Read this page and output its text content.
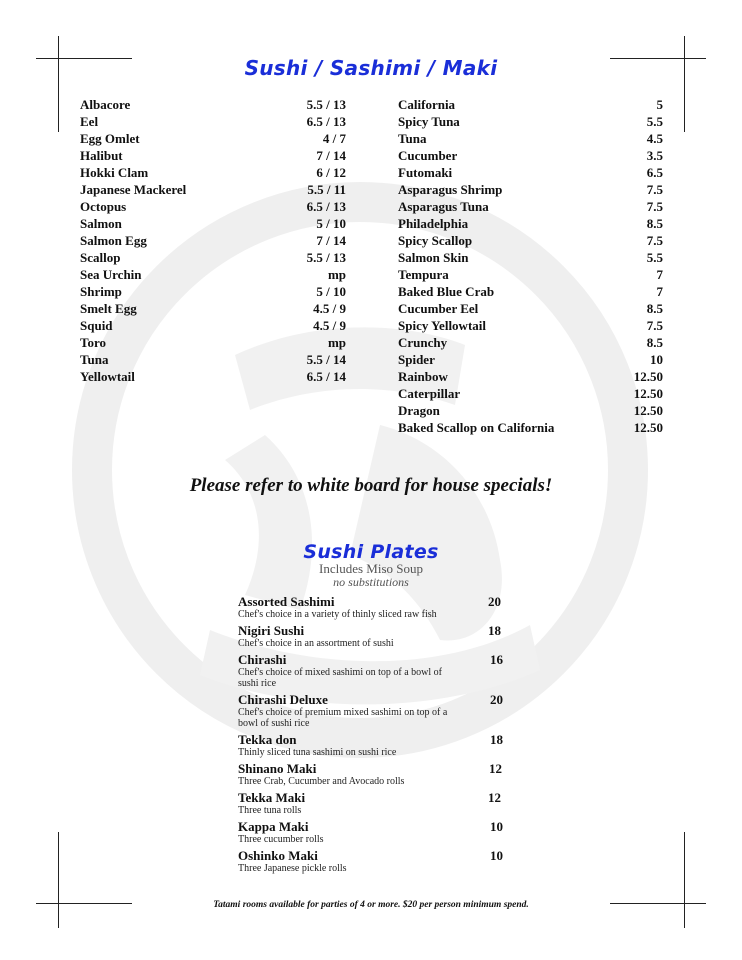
Sushi / Sashimi / Maki
Albacore	5.5 / 13
Eel	6.5 / 13
Egg Omlet	4 / 7
Halibut	7 / 14
Hokki Clam	6 / 12
Japanese Mackerel	5.5 / 11
Octopus	6.5 / 13
Salmon	5 / 10
Salmon Egg	7 / 14
Scallop	5.5 / 13
Sea Urchin	mp
Shrimp	5 / 10
Smelt Egg	4.5 / 9
Squid	4.5 / 9
Toro	mp
Tuna	5.5 / 14
Yellowtail	6.5 / 14
California	5
Spicy Tuna	5.5
Tuna	4.5
Cucumber	3.5
Futomaki	6.5
Asparagus Shrimp	7.5
Asparagus Tuna	7.5
Philadelphia	8.5
Spicy Scallop	7.5
Salmon Skin	5.5
Tempura	7
Baked Blue Crab	7
Cucumber Eel	8.5
Spicy Yellowtail	7.5
Crunchy	8.5
Spider	10
Rainbow	12.50
Caterpillar	12.50
Dragon	12.50
Baked Scallop on California	12.50
Please refer to white board for house specials!
Sushi Plates
Includes Miso Soup
no substitutions
Assorted Sashimi	20
Chef's choice in a variety of thinly sliced raw fish
Nigiri Sushi	18
Chef's choice in an assortment of sushi
Chirashi	16
Chef's choice of mixed sashimi on top of a bowl of sushi rice
Chirashi Deluxe	20
Chef's choice of premium mixed sashimi on top of a bowl of sushi rice
Tekka don	18
Thinly sliced tuna sashimi on sushi rice
Shinano Maki	12
Three Crab, Cucumber and Avocado rolls
Tekka Maki	12
Three tuna rolls
Kappa Maki	10
Three cucumber rolls
Oshinko Maki	10
Three Japanese pickle rolls
Tatami rooms available for parties of 4 or more. $20 per person minimum spend.
